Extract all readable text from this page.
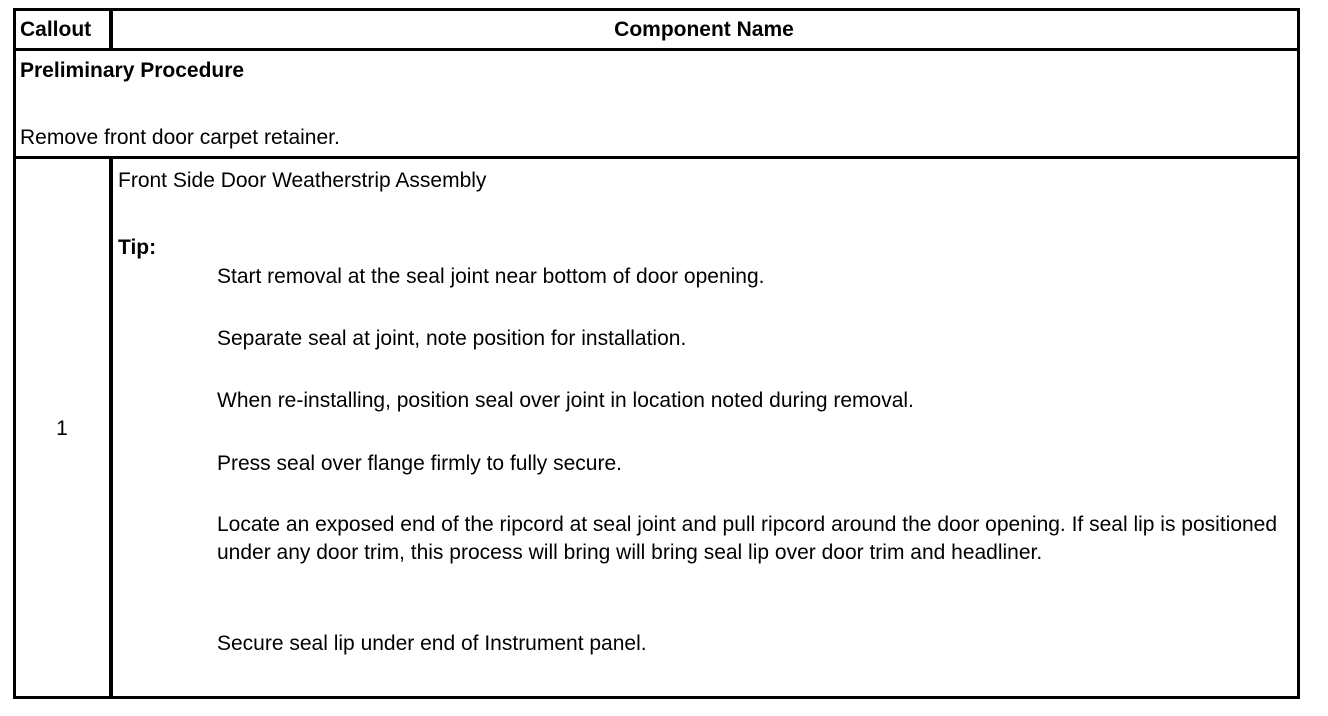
Callout	Component Name
Preliminary Procedure
Remove front door carpet retainer.
1
Front Side Door Weatherstrip Assembly
Tip:
Start removal at the seal joint near bottom of door opening.
Separate seal at joint, note position for installation.
When re-installing, position seal over joint in location noted during removal.
Press seal over flange firmly to fully secure.
Locate an exposed end of the ripcord at seal joint and pull ripcord around the door opening. If seal lip is positioned under any door trim, this process will bring will bring seal lip over door trim and headliner.
Secure seal lip under end of Instrument panel.
